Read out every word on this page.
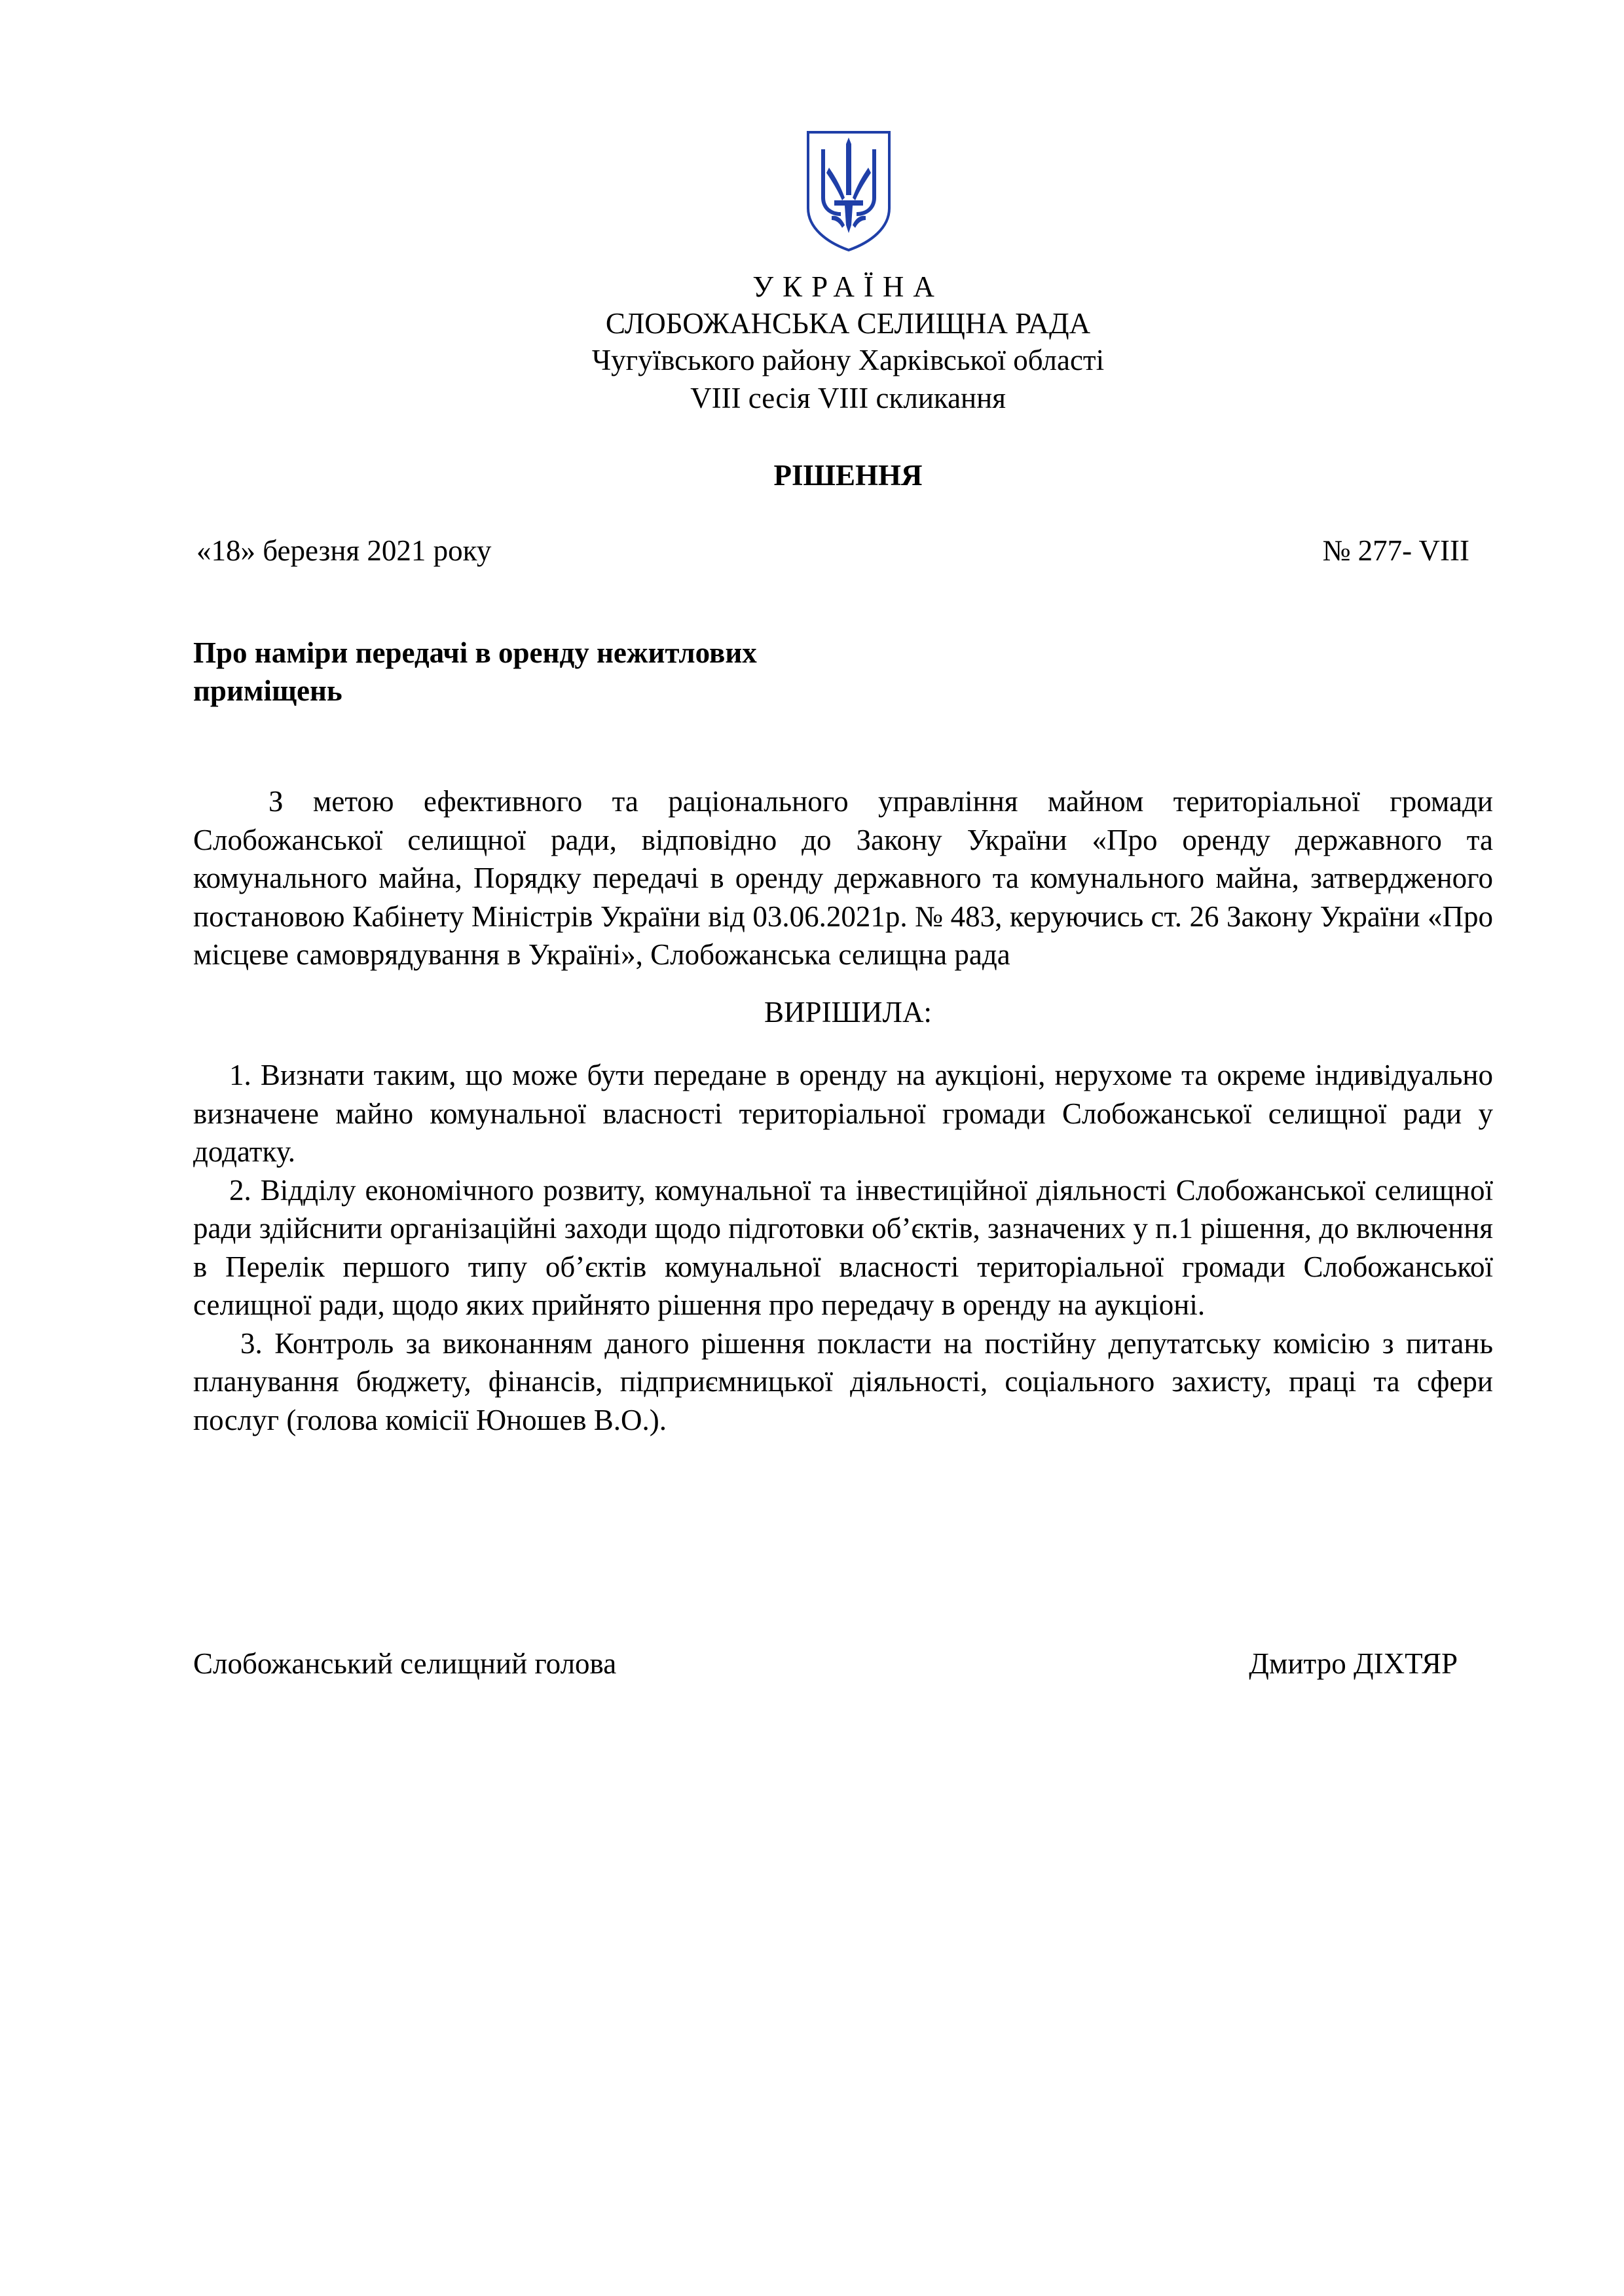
УКРАЇНА
СЛОБОЖАНСЬКА СЕЛИЩНА РАДА
Чугуївського району Харківської області
VIII сесія VIII скликання
РІШЕННЯ
«18» березня 2021 року	№ 277- VIII
Про наміри передачі в оренду нежитлових
приміщень
З метою ефективного та раціонального управління майном територіальної громади Слобожанської селищної ради, відповідно до Закону України «Про оренду державного та комунального майна, Порядку передачі в оренду державного та комунального майна, затвердженого постановою Кабінету Міністрів України від 03.06.2021р. № 483, керуючись ст. 26 Закону України «Про місцеве самоврядування в Україні», Слобожанська селищна рада
ВИРІШИЛА:

1. Визнати таким, що може бути передане в оренду на аукціоні, нерухоме та окреме індивідуально визначене майно комунальної власності територіальної громади Слобожанської селищної ради у додатку.

2. Відділу економічного розвиту, комунальної та інвестиційної діяльності Слобожанської селищної ради здійснити організаційні заходи щодо підготовки об’єктів, зазначених у п.1 рішення, до включення в Перелік першого типу об’єктів комунальної власності територіальної громади Слобожанської селищної ради, щодо яких прийнято рішення про передачу в оренду на аукціоні.

3. Контроль за виконанням даного рішення покласти на постійну депутатську комісію з питань планування бюджету, фінансів, підприємницької діяльності, соціального захисту, праці та сфери послуг (голова комісії Юношев В.О.).

Слобожанський селищний голова	Дмитро ДІХТЯР
